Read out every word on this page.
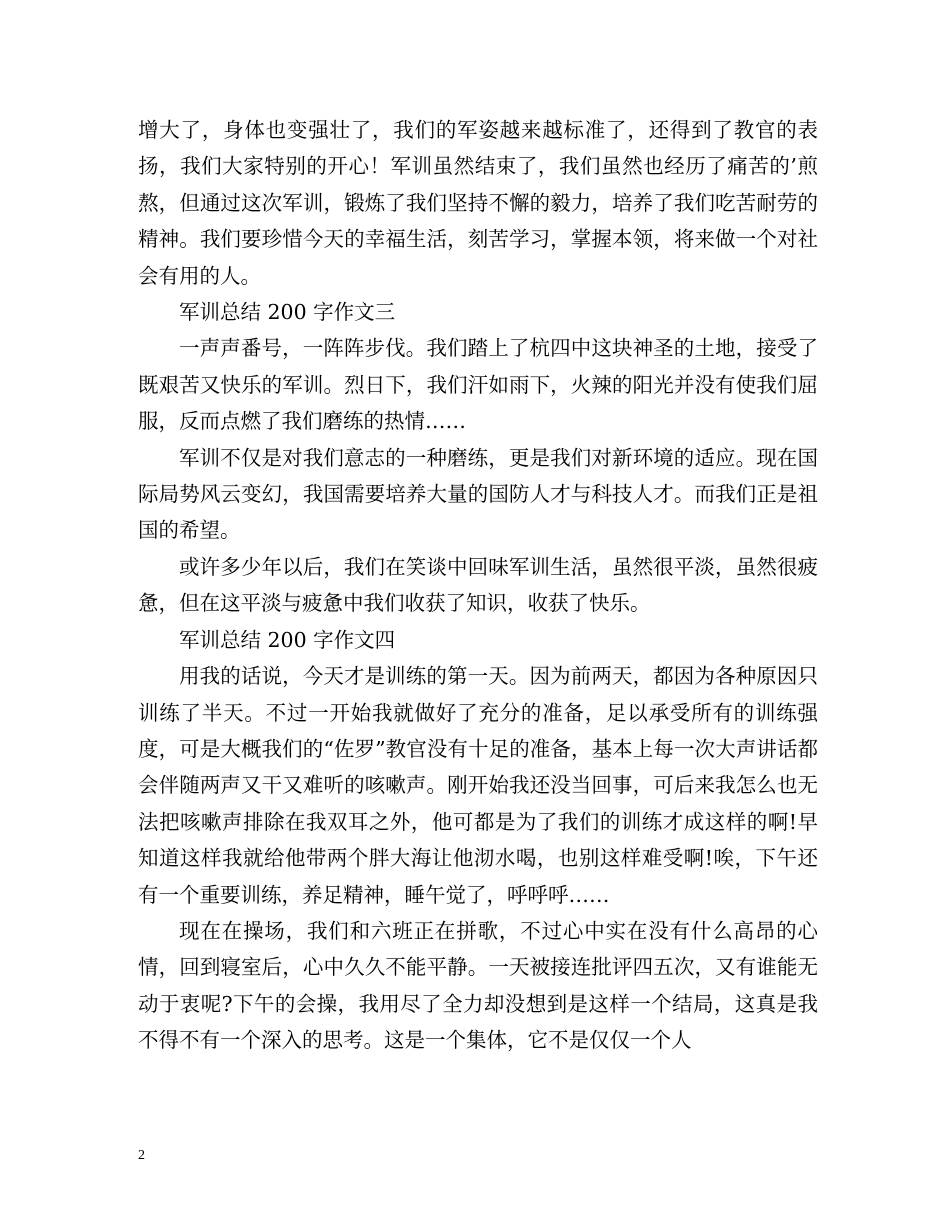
增大了，身体也变强壮了，我们的军姿越来越标准了，还得到了教官的表扬，我们大家特别的开心！军训虽然结束了，我们虽然也经历了痛苦的’煎熬，但通过这次军训，锻炼了我们坚持不懈的毅力，培养了我们吃苦耐劳的精神。我们要珍惜今天的幸福生活，刻苦学习，掌握本领，将来做一个对社会有用的人。

军训总结 200 字作文三

一声声番号，一阵阵步伐。我们踏上了杭四中这块神圣的土地，接受了既艰苦又快乐的军训。烈日下，我们汗如雨下，火辣的阳光并没有使我们屈服，反而点燃了我们磨练的热情……

军训不仅是对我们意志的一种磨练，更是我们对新环境的适应。现在国际局势风云变幻，我国需要培养大量的国防人才与科技人才。而我们正是祖国的希望。

或许多少年以后，我们在笑谈中回味军训生活，虽然很平淡，虽然很疲惫，但在这平淡与疲惫中我们收获了知识，收获了快乐。

军训总结 200 字作文四

用我的话说，今天才是训练的第一天。因为前两天，都因为各种原因只训练了半天。不过一开始我就做好了充分的准备，足以承受所有的训练强度，可是大概我们的“佐罗”教官没有十足的准备，基本上每一次大声讲话都会伴随两声又干又难听的咳嗽声。刚开始我还没当回事，可后来我怎么也无法把咳嗽声排除在我双耳之外，他可都是为了我们的训练才成这样的啊!早知道这样我就给他带两个胖大海让他沏水喝，也别这样难受啊!唉，下午还有一个重要训练，养足精神，睡午觉了，呼呼呼……

现在在操场，我们和六班正在拼歌，不过心中实在没有什么高昂的心情，回到寝室后，心中久久不能平静。一天被接连批评四五次，又有谁能无动于衷呢?下午的会操，我用尽了全力却没想到是这样一个结局，这真是我不得不有一个深入的思考。这是一个集体，它不是仅仅一个人

2
